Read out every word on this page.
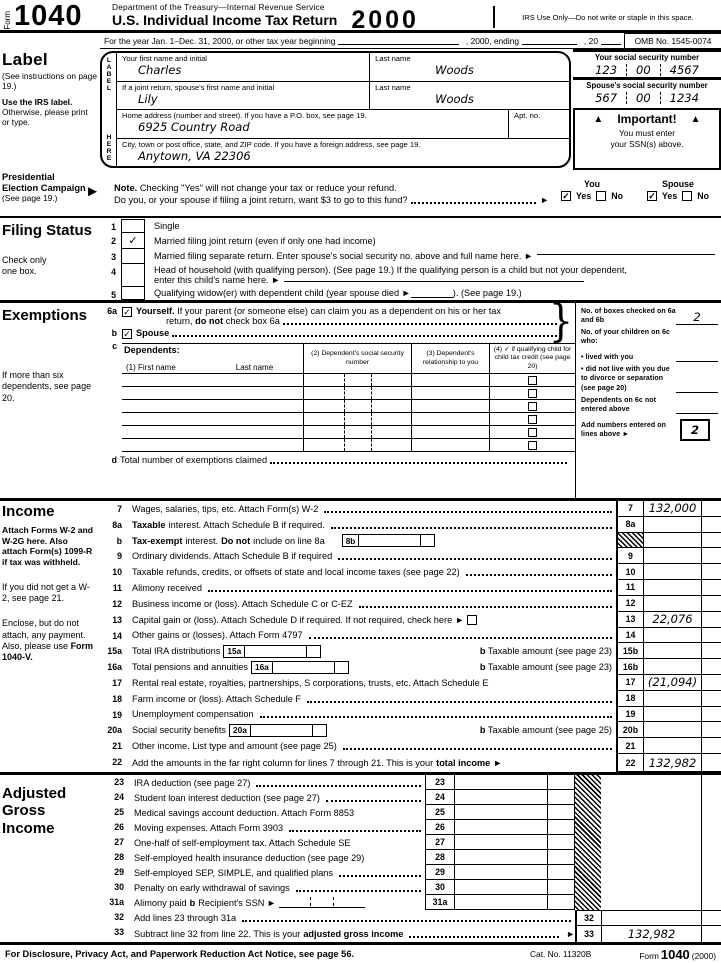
Form 1040	Department of the Treasury—Internal Revenue Service
U.S. Individual Income Tax Return 2000	IRS Use Only—Do not write or staple in this space.
For the year Jan. 1–Dec. 31, 2000, or other tax year beginning	, 2000, ending	, 20	OMB No. 1545-0074
Label
(See instructions on page 19.)
Use the IRS label.
Otherwise, please print or type.
LABEL
HERE
Your first name and initial
Charles
Last name
Woods
If a joint return, spouse's first name and initial
Lily
Last name
Woods
Home address (number and street). If you have a P.O. box, see page 19.
6925 Country Road
Apt. no.
City, town or post office, state, and ZIP code. If you have a foreign address, see page 19.
Anytown, VA 22306
Your social security number
123 00 4567
Spouse's social security number
567 00 1234
▲ Important! ▲
You must enter
your SSN(s) above.
Presidential
Election Campaign
(See page 19.)	► Note. Checking "Yes" will not change your tax or reduce your refund.
Do you, or your spouse if filing a joint return, want $3 to go to this fund?	►
You	Spouse
✓ Yes No	✓ Yes No
Filing Status
Check only
one box.
1	Single
2	✓	Married filing joint return (even if only one had income)
3	Married filing separate return. Enter spouse's social security no. above and full name here. ►
4	Head of household (with qualifying person). (See page 19.) If the qualifying person is a child but not your dependent,
enter this child's name here. ►
5	Qualifying widow(er) with dependent child (year spouse died ►	). (See page 19.)
Exemptions
If more than six dependents, see page 20.
}
6a ✓ Yourself.
If your parent (or someone else) can claim you as a dependent on his or her tax
return,
do not
check box 6a
b ✓ Spouse
c Dependents:
(1) First name	Last name
(2) Dependent's social security number
(3) Dependent's relationship to you
(4) ✓ if qualifying child for child tax credit (see page 20)
d Total number of exemptions claimed
No. of boxes checked on 6a and 6b	2
No. of your children on 6c who:
• lived with you
• did not live with you due to divorce or separation (see page 20)
Dependents on 6c not entered above
Add numbers entered on lines above ►	2
Income
Attach Forms W-2 and W-2G here. Also attach Form(s) 1099-R if tax was withheld.
If you did not get a W-2, see page 21.
Enclose, but do not attach, any payment. Also, please use Form 1040-V.
7 Wages, salaries, tips, etc. Attach Form(s) W-2	7	132,000
8a Taxable interest. Attach Schedule B if required.	8a
b Tax-exempt interest. Do not include on line 8a	8b
9 Ordinary dividends. Attach Schedule B if required	9
10 Taxable refunds, credits, or offsets of state and local income taxes (see page 22)	10
11 Alimony received	11
12 Business income or (loss). Attach Schedule C or C-EZ	12
13 Capital gain or (loss). Attach Schedule D if required. If not required, check here ►	13	22,076
14 Other gains or (losses). Attach Form 4797	14
15a Total IRA distributions 15a	b Taxable amount (see page 23)	15b
16a Total pensions and annuities 16a	b Taxable amount (see page 23)	16b
17 Rental real estate, royalties, partnerships, S corporations, trusts, etc. Attach Schedule E	17	(21,094)
18 Farm income or (loss). Attach Schedule F	18
19 Unemployment compensation	19
20a Social security benefits 20a	b Taxable amount (see page 25)	20b
21 Other income. List type and amount (see page 25)	21
22 Add the amounts in the far right column for lines 7 through 21. This is your total income ►	22	132,982
Adjusted
Gross
Income
23 IRA deduction (see page 27)	23
24 Student loan interest deduction (see page 27)	24
25 Medical savings account deduction. Attach Form 8853	25
26 Moving expenses. Attach Form 3903	26
27 One-half of self-employment tax. Attach Schedule SE	27
28 Self-employed health insurance deduction (see page 29)	28
29 Self-employed SEP, SIMPLE, and qualified plans	29
30 Penalty on early withdrawal of savings	30
31a Alimony paid b Recipient's SSN ►	31a
32 Add lines 23 through 31a
33 Subtract line 32 from line 22. This is your adjusted gross income	►
32
33	132,982
For Disclosure, Privacy Act, and Paperwork Reduction Act Notice, see page 56.	Cat. No. 11320B	Form 1040 (2000)
